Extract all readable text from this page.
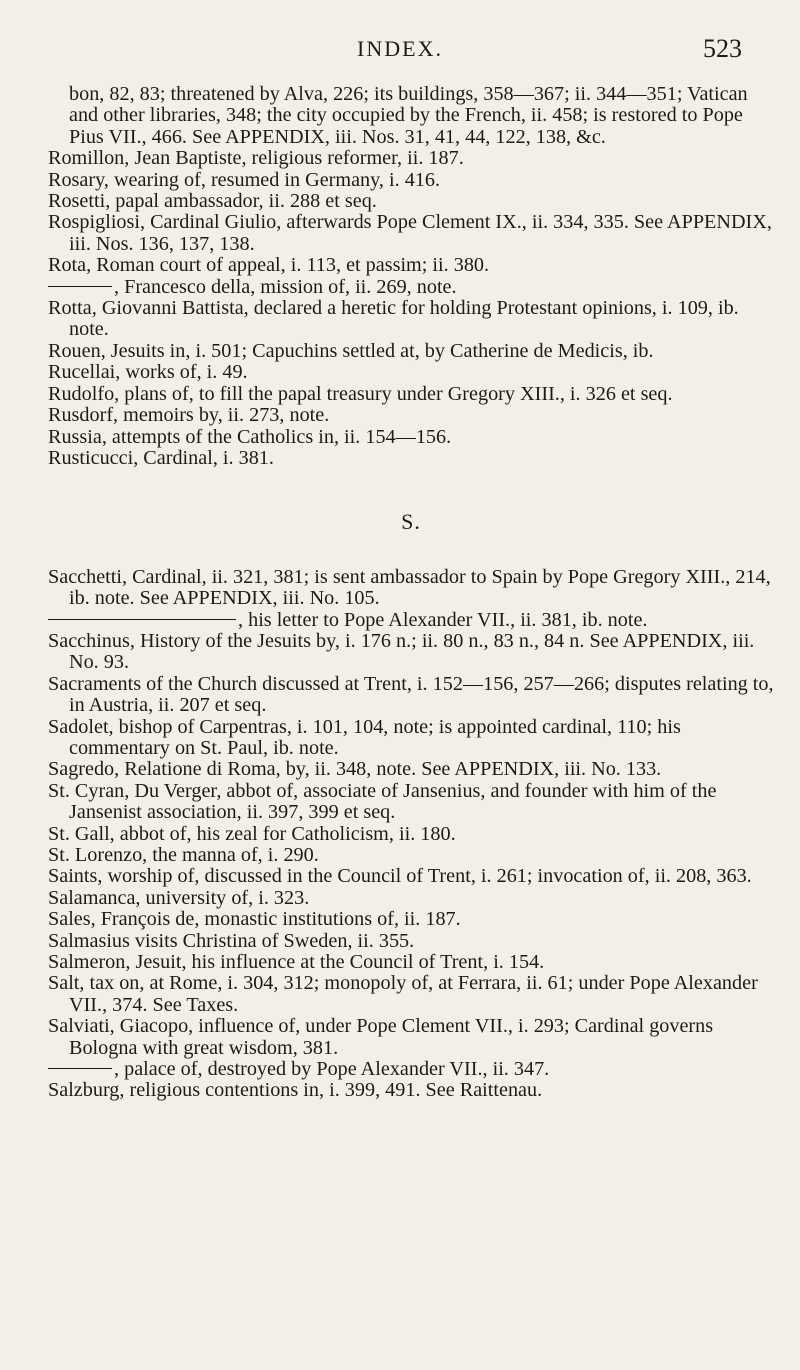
INDEX.	523

bon, 82, 83; threatened by Alva, 226; its buildings, 358—367; ii. 344—351; Vatican and other libraries, 348; the city occupied by the French, ii. 458; is restored to Pope Pius VII., 466. See APPENDIX, iii. Nos. 31, 41, 44, 122, 138, &c.

Romillon, Jean Baptiste, religious reformer, ii. 187.

Rosary, wearing of, resumed in Germany, i. 416.

Rosetti, papal ambassador, ii. 288 et seq.

Rospigliosi, Cardinal Giulio, afterwards Pope Clement IX., ii. 334, 335. See APPENDIX, iii. Nos. 136, 137, 138.

Rota, Roman court of appeal, i. 113, et passim; ii. 380.

, Francesco della, mission of, ii. 269, note.

Rotta, Giovanni Battista, declared a heretic for holding Protestant opinions, i. 109, ib. note.

Rouen, Jesuits in, i. 501; Capuchins settled at, by Catherine de Medicis, ib.

Rucellai, works of, i. 49.

Rudolfo, plans of, to fill the papal treasury under Gregory XIII., i. 326 et seq.

Rusdorf, memoirs by, ii. 273, note.

Russia, attempts of the Catholics in, ii. 154—156.

Rusticucci, Cardinal, i. 381.

S.

Sacchetti, Cardinal, ii. 321, 381; is sent ambassador to Spain by Pope Gregory XIII., 214, ib. note. See APPENDIX, iii. No. 105.

, his letter to Pope Alexander VII., ii. 381, ib. note.

Sacchinus, History of the Jesuits by, i. 176 n.; ii. 80 n., 83 n., 84 n. See APPENDIX, iii. No. 93.

Sacraments of the Church discussed at Trent, i. 152—156, 257—266; disputes relating to, in Austria, ii. 207 et seq.

Sadolet, bishop of Carpentras, i. 101, 104, note; is appointed cardinal, 110; his commentary on St. Paul, ib. note.

Sagredo, Relatione di Roma, by, ii. 348, note. See APPENDIX, iii. No. 133.

St. Cyran, Du Verger, abbot of, associate of Jansenius, and founder with him of the Jansenist association, ii. 397, 399 et seq.

St. Gall, abbot of, his zeal for Catholicism, ii. 180.

St. Lorenzo, the manna of, i. 290.

Saints, worship of, discussed in the Council of Trent, i. 261; invocation of, ii. 208, 363.

Salamanca, university of, i. 323.

Sales, François de, monastic institutions of, ii. 187.

Salmasius visits Christina of Sweden, ii. 355.

Salmeron, Jesuit, his influence at the Council of Trent, i. 154.

Salt, tax on, at Rome, i. 304, 312; monopoly of, at Ferrara, ii. 61; under Pope Alexander VII., 374. See Taxes.

Salviati, Giacopo, influence of, under Pope Clement VII., i. 293; Cardinal governs Bologna with great wisdom, 381.

, palace of, destroyed by Pope Alexander VII., ii. 347.

Salzburg, religious contentions in, i. 399, 491. See Raittenau.
